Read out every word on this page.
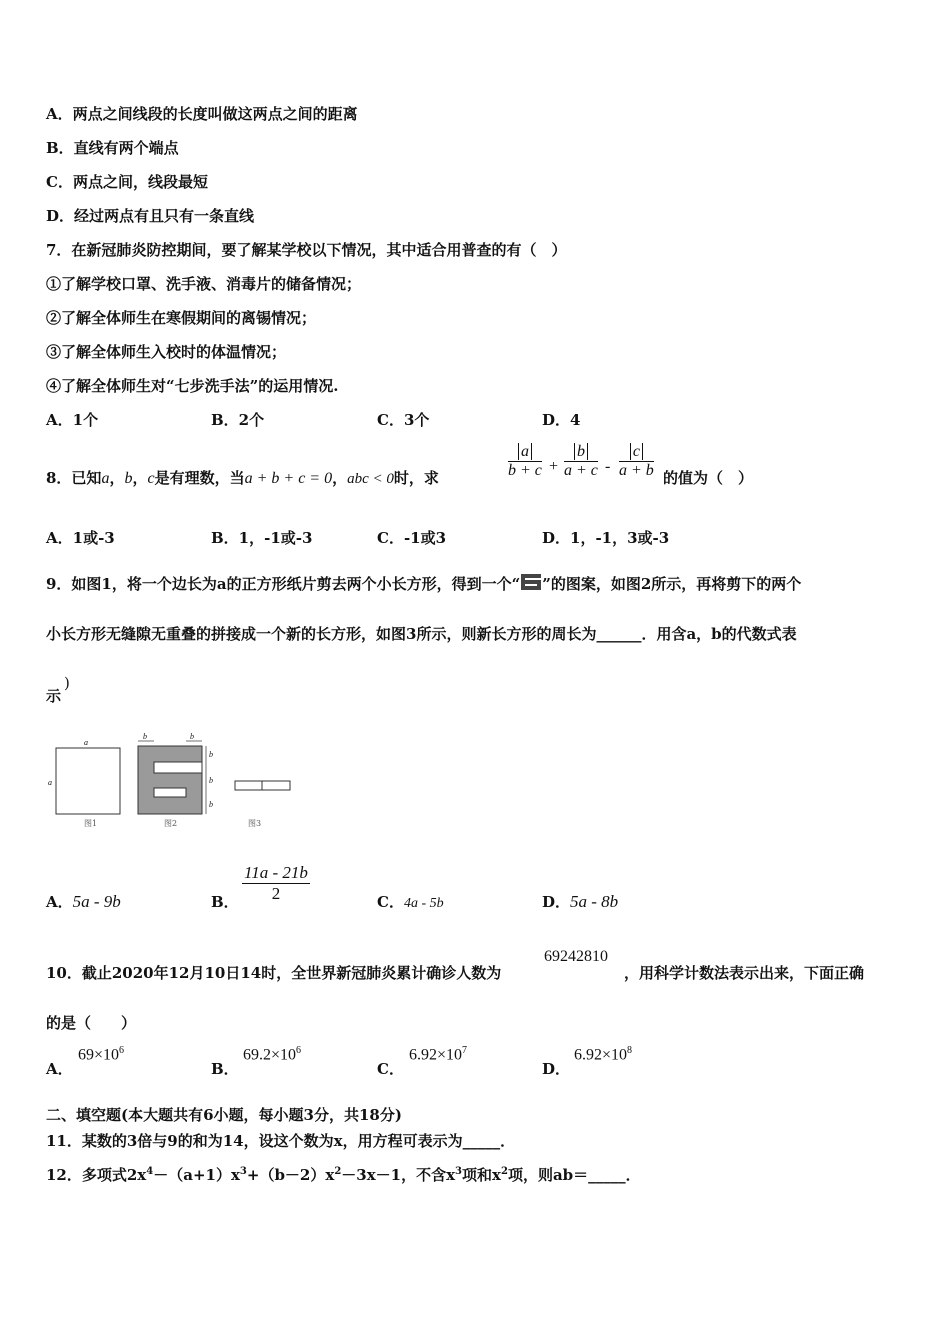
A．两点之间线段的长度叫做这两点之间的距离
B．直线有两个端点
C．两点之间，线段最短
D．经过两点有且只有一条直线
7．在新冠肺炎防控期间，要了解某学校以下情况，其中适合用普查的有（　）
①了解学校口罩、洗手液、消毒片的储备情况；
②了解全体师生在寒假期间的离锡情况；
③了解全体师生入校时的体温情况；
④了解全体师生对“七步洗手法”的运用情况.
A．1个	B．2个	C．3个	D．4
8．已知a，b，c是有理数，当a + b + c = 0，abc < 0时，求	$\frac{a}{b + c} + \frac{b}{a + c} - \frac{c}{a + b}$ 的值为（　）
A．1或-3	B．1，-1或-3	C．-1或3	D．1，-1，3或-3
9．如图1，将一个边长为a的正方形纸片剪去两个小长方形，得到一个“ ”的图案，如图2所示，再将剪下的两个
小长方形无缝隙无重叠的拼接成一个新的长方形，如图3所示，则新长方形的周长为______．用含a，b的代数式表
示
)
a
a
b	b
b
b
b
图1	图2	图3
A．5a - 9b	B． $\frac{11a - 21b}{2}$	C．4a - 5b	D．5a - 8b
10．截止2020年12月10日14时，全世界新冠肺炎累计确诊人数为
69242810
，用科学计数法表示出来，下面正确
的是（　　）
A．
$69\times 10^6$
B．
$69.2\times 10^6$
C．
$6.92\times 10^7$
D．
$6.92\times 10^8$
二、填空题(本大题共有6小题，每小题3分，共18分)
11．某数的3倍与9的和为14，设这个数为x，用方程可表示为_____．
12．多项式$2x^4-(a+1)x^3+(b-2)x^2-3x-1$，不含$x^3$项和$x^2$项，则ab＝_____．
